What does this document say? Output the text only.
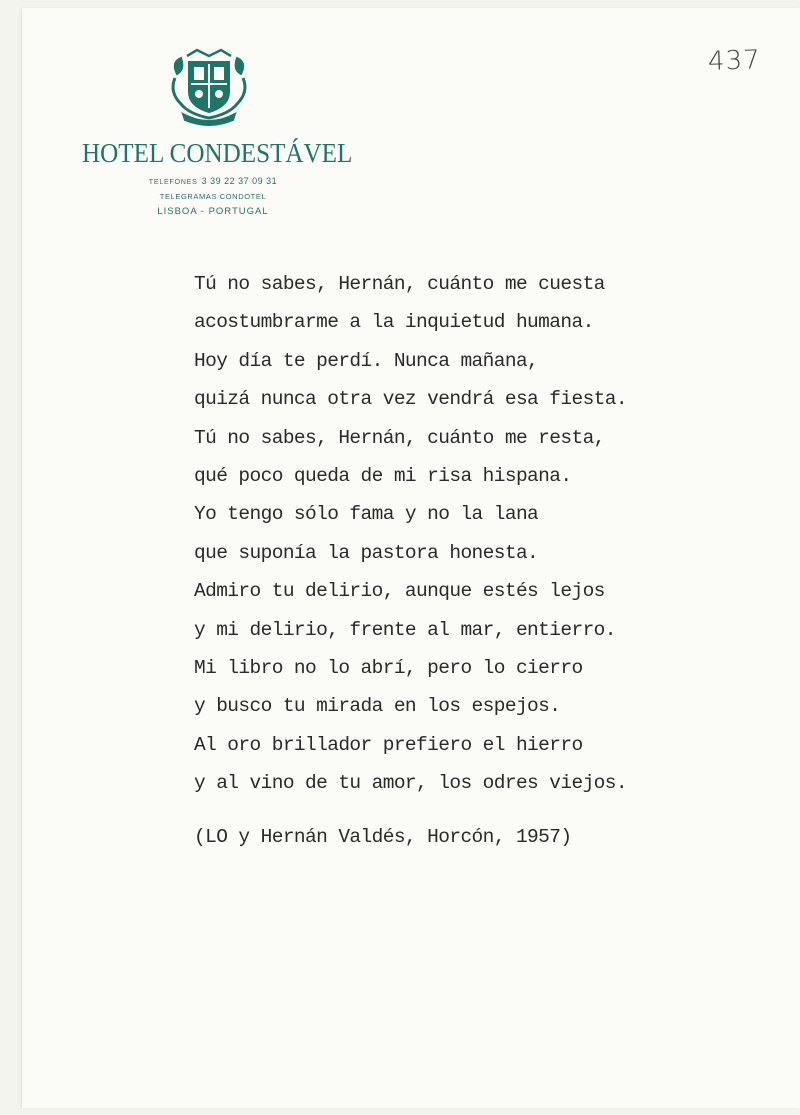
HOTEL CONDESTÁVEL
TELEFONES 3 39 22 37 09 31
TELEGRAMAS CONDOTEL
LISBOA - PORTUGAL
437
Tú no sabes, Hernán, cuánto me cuesta
acostumbrarme a la inquietud humana.
Hoy día te perdí. Nunca mañana,
quizá nunca otra vez vendrá esa fiesta.
Tú no sabes, Hernán, cuánto me resta,
qué poco queda de mi risa hispana.
Yo tengo sólo fama y no la lana
que suponía la pastora honesta.
Admiro tu delirio, aunque estés lejos
y mi delirio, frente al mar, entierro.
Mi libro no lo abrí, pero lo cierro
y busco tu mirada en los espejos.
Al oro brillador prefiero el hierro
y al vino de tu amor, los odres viejos.
(LO y Hernán Valdés, Horcón, 1957)
